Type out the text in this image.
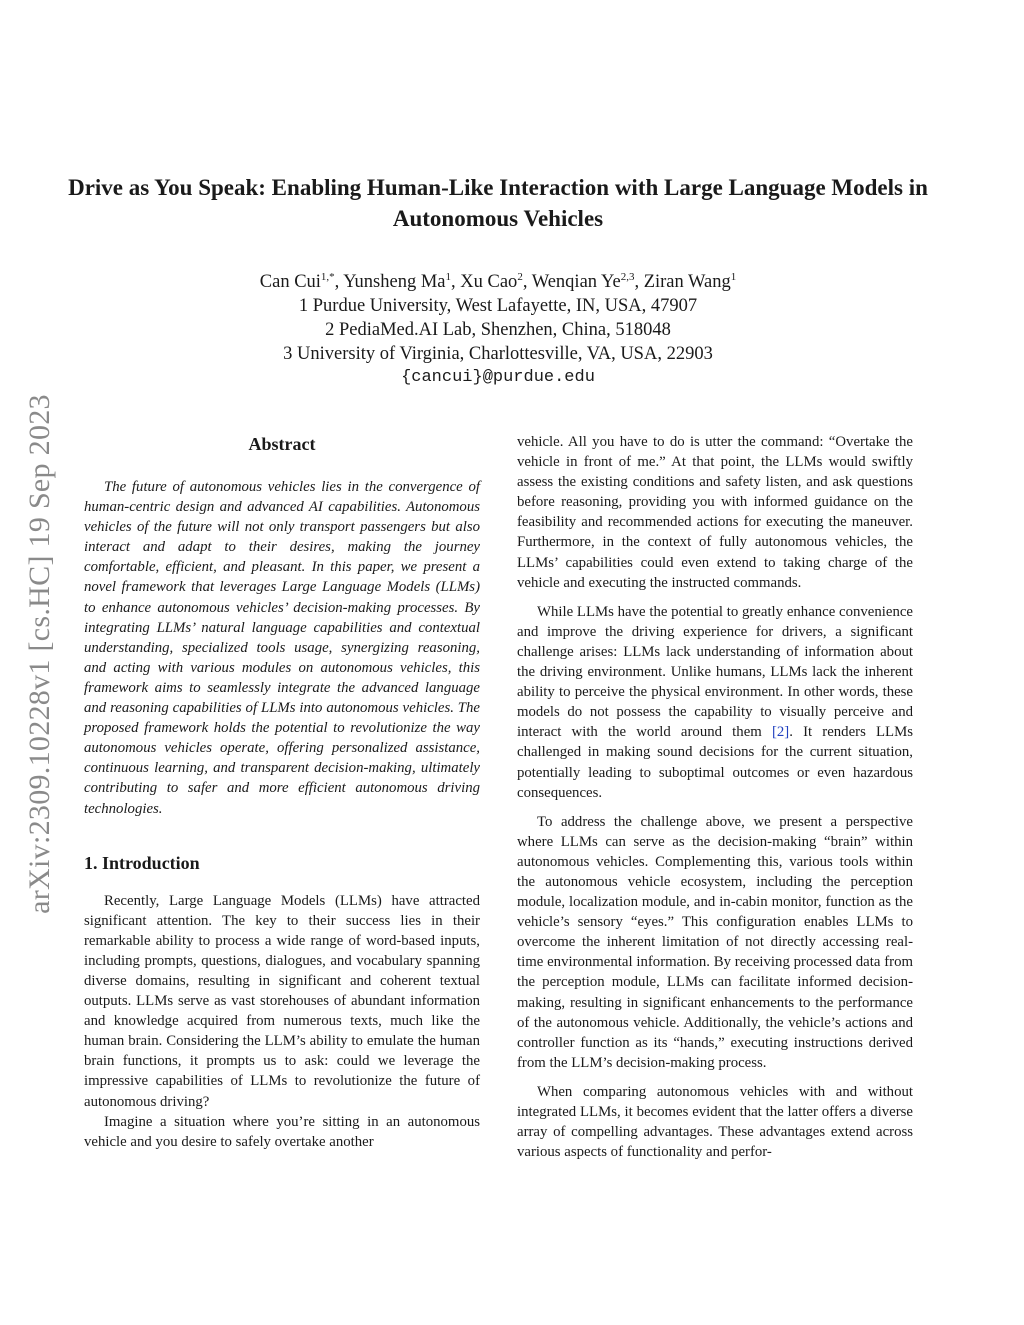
arXiv:2309.10228v1 [cs.HC] 19 Sep 2023
Drive as You Speak: Enabling Human-Like Interaction with Large Language Models in Autonomous Vehicles
Can Cui$^{1,*}$, Yunsheng Ma$^1$, Xu Cao$^2$, Wenqian Ye$^{2,3}$, Ziran Wang$^1$
1 Purdue University, West Lafayette, IN, USA, 47907
2 PediaMed.AI Lab, Shenzhen, China, 518048
3 University of Virginia, Charlottesville, VA, USA, 22903
{cancui}@purdue.edu
Abstract

The future of autonomous vehicles lies in the convergence of human-centric design and advanced AI capabilities. Autonomous vehicles of the future will not only transport passengers but also interact and adapt to their desires, making the journey comfortable, efficient, and pleasant. In this paper, we present a novel framework that leverages Large Language Models (LLMs) to enhance autonomous vehicles’ decision-making processes. By integrating LLMs’ natural language capabilities and contextual understanding, specialized tools usage, synergizing reasoning, and acting with various modules on autonomous vehicles, this framework aims to seamlessly integrate the advanced language and reasoning capabilities of LLMs into autonomous vehicles. The proposed framework holds the potential to revolutionize the way autonomous vehicles operate, offering personalized assistance, continuous learning, and transparent decision-making, ultimately contributing to safer and more efficient autonomous driving technologies.

1. Introduction

Recently, Large Language Models (LLMs) have attracted significant attention. The key to their success lies in their remarkable ability to process a wide range of word-based inputs, including prompts, questions, dialogues, and vocabulary spanning diverse domains, resulting in significant and coherent textual outputs. LLMs serve as vast storehouses of abundant information and knowledge acquired from numerous texts, much like the human brain. Considering the LLM’s ability to emulate the human brain functions, it prompts us to ask: could we leverage the impressive capabilities of LLMs to revolutionize the future of autonomous driving?

Imagine a situation where you’re sitting in an autonomous vehicle and you desire to safely overtake another

vehicle. All you have to do is utter the command: “Overtake the vehicle in front of me.” At that point, the LLMs would swiftly assess the existing conditions and safety listen, and ask questions before reasoning, providing you with informed guidance on the feasibility and recommended actions for executing the maneuver. Furthermore, in the context of fully autonomous vehicles, the LLMs’ capabilities could even extend to taking charge of the vehicle and executing the instructed commands.

While LLMs have the potential to greatly enhance convenience and improve the driving experience for drivers, a significant challenge arises: LLMs lack understanding of information about the driving environment. Unlike humans, LLMs lack the inherent ability to perceive the physical environment. In other words, these models do not possess the capability to visually perceive and interact with the world around them [2]. It renders LLMs challenged in making sound decisions for the current situation, potentially leading to suboptimal outcomes or even hazardous consequences.

To address the challenge above, we present a perspective where LLMs can serve as the decision-making “brain” within autonomous vehicles. Complementing this, various tools within the autonomous vehicle ecosystem, including the perception module, localization module, and in-cabin monitor, function as the vehicle’s sensory “eyes.” This configuration enables LLMs to overcome the inherent limitation of not directly accessing real-time environmental information. By receiving processed data from the perception module, LLMs can facilitate informed decision-making, resulting in significant enhancements to the performance of the autonomous vehicle. Additionally, the vehicle’s actions and controller function as its “hands,” executing instructions derived from the LLM’s decision-making process.

When comparing autonomous vehicles with and without integrated LLMs, it becomes evident that the latter offers a diverse array of compelling advantages. These advantages extend across various aspects of functionality and perfor-
